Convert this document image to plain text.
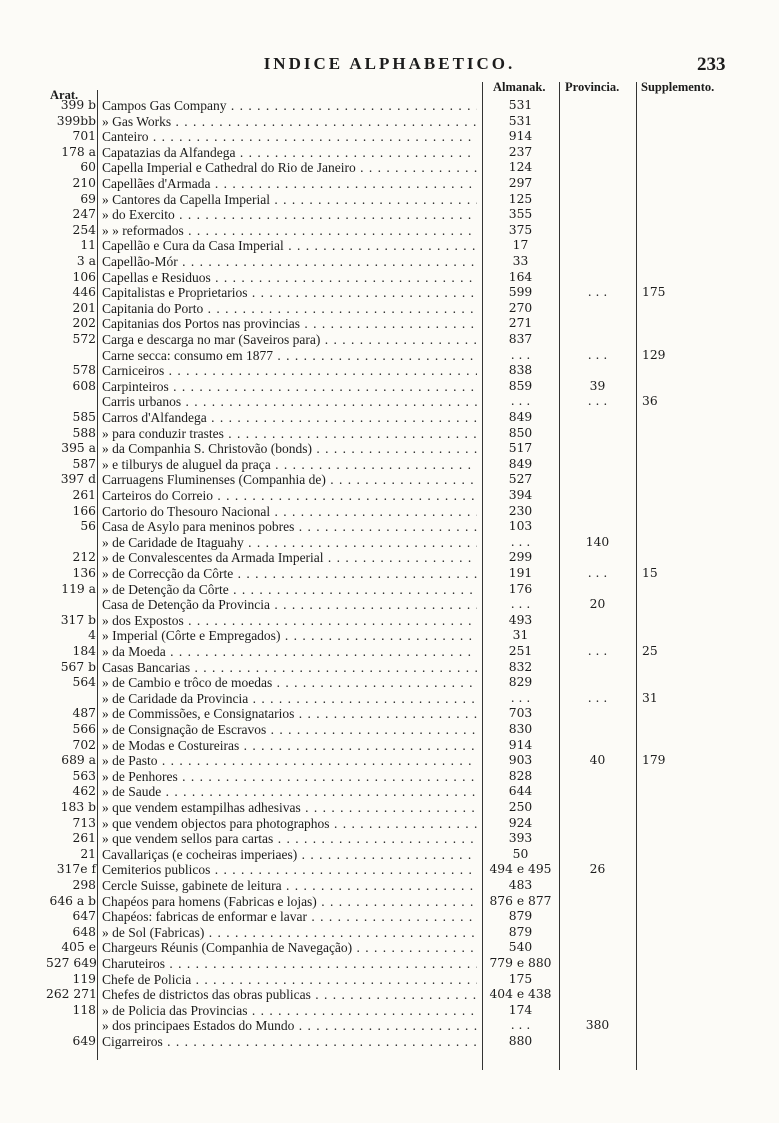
INDICE ALPHABETICO.	233
Arat.
Almanak. Provincia. Supplemento.
399 b Campos Gas Company . . .	531
399bb » Gas Works . . .	531
701 Canteiro . . .	914
178 a Capatazias da Alfandega . . .	237
60 Capella Imperial e Cathedral do Rio de Janeiro . . .	124
210 Capellães d'Armada . . .	297
69 » Cantores da Capella Imperial . . .	125
247 » do Exercito . . .	355
254 » » reformados . . .	375
11 Capellão e Cura da Casa Imperial . . .	17
3 a Capellão-Mór . . .	33
106 Capellas e Residuos . . .	164
446 Capitalistas e Proprietarios . . .	599	. . .	175
201 Capitania do Porto . . .	270
202 Capitanias dos Portos nas provincias . . .	271
572 Carga e descarga no mar (Saveiros para) . . .	837
Carne secca: consumo em 1877 . . .	. . .	. . .	129
578 Carniceiros . . .	838
608 Carpinteiros . . .	859	39
Carris urbanos . . .	. . .	. . .	36
585 Carros d'Alfandega . . .	849
588 » para conduzir trastes . . .	850
395 a » da Companhia S. Christovão (bonds) . . .	517
587 » e tilburys de aluguel da praça . . .	849
397 d Carruagens Fluminenses (Companhia de) . . .	527
261 Carteiros do Correio . . .	394
166 Cartorio do Thesouro Nacional . . .	230
56 Casa de Asylo para meninos pobres . . .	103
» de Caridade de Itaguahy . . .	. . .	140
212 » de Convalescentes da Armada Imperial . . .	299
136 » de Correcção da Côrte . . .	191	. . .	15
119 a » de Detenção da Côrte . . .	176
Casa de Detenção da Provincia . . .	. . .	20
317 b » dos Expostos . . .	493
4 » Imperial (Côrte e Empregados) . . .	31
184 » da Moeda . . .	251	. . .	25
567 b Casas Bancarias . . .	832
564 » de Cambio e trôco de moedas . . .	829
» de Caridade da Provincia . . .	. . .	. . .	31
487 » de Commissões, e Consignatarios . . .	703
566 » de Consignação de Escravos . . .	830
702 » de Modas e Costureiras . . .	914
689 a » de Pasto . . .	903	40	179
563 » de Penhores . . .	828
462 » de Saude . . .	644
183 b » que vendem estampilhas adhesivas . . .	250
713 » que vendem objectos para photographos . . .	924
261 » que vendem sellos para cartas . . .	393
21 Cavallariças (e cocheiras imperiaes) . . .	50
317e f Cemiterios publicos . . .	494 e 495	26
298 Cercle Suisse, gabinete de leitura . . .	483
646 a b Chapéos para homens (Fabricas e lojas) . . .	876 e 877
647 Chapéos: fabricas de enformar e lavar . . .	879
648 » de Sol (Fabricas) . . .	879
405 e Chargeurs Réunis (Companhia de Navegação) . . .	540
527 649 Charuteiros . . .	779 e 880
119 Chefe de Policia . . .	175
262 271 Chefes de districtos das obras publicas . . .	404 e 438
118 » de Policia das Provincias . . .	174
» dos principaes Estados do Mundo . . .	. . .	380
649 Cigarreiros . . .	880
